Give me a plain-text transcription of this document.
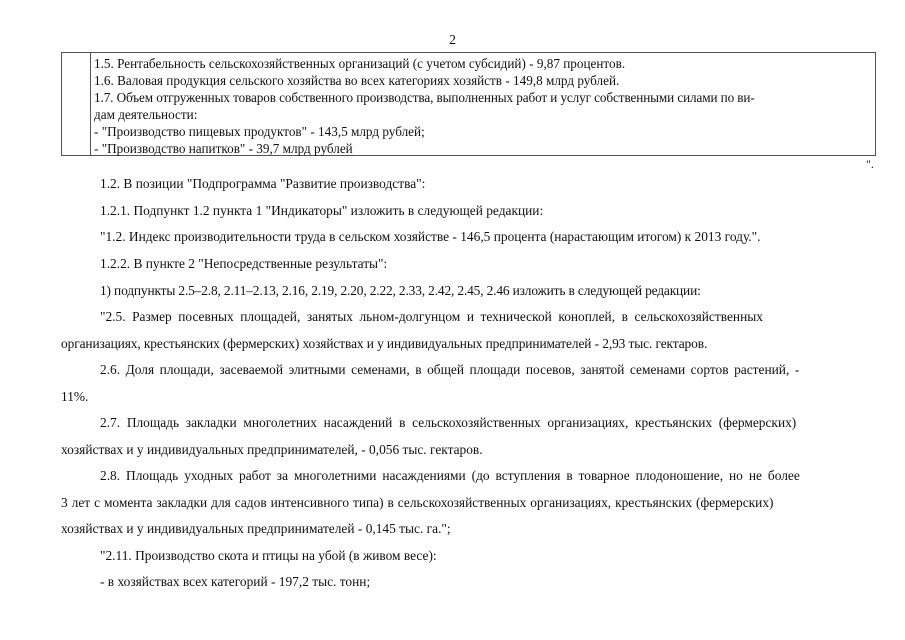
2
1.5. Рентабельность сельскохозяйственных организаций (с учетом субсидий) - 9,87 процентов.
1.6. Валовая продукция сельского хозяйства во всех категориях хозяйств - 149,8 млрд рублей.
1.7. Объем отгруженных товаров собственного производства, выполненных работ и услуг собственными силами по ви-
дам деятельности:
- "Производство пищевых продуктов" - 143,5 млрд рублей;
- "Производство напитков" - 39,7 млрд рублей
".
1.2. В позиции "Подпрограмма "Развитие производства":
1.2.1. Подпункт 1.2 пункта 1 "Индикаторы" изложить в следующей редакции:
"1.2. Индекс производительности труда в сельском хозяйстве - 146,5 процента (нарастающим итогом) к 2013 году.".
1.2.2. В пункте 2 "Непосредственные результаты":
1) подпункты 2.5–2.8, 2.11–2.13, 2.16, 2.19, 2.20, 2.22, 2.33, 2.42, 2.45, 2.46 изложить в следующей редакции:
"2.5. Размер посевных площадей, занятых льном-долгунцом и технической коноплей, в сельскохозяйственных
организациях, крестьянских (фермерских) хозяйствах и у индивидуальных предпринимателей - 2,93 тыс. гектаров.
2.6. Доля площади, засеваемой элитными семенами, в общей площади посевов, занятой семенами сортов растений, -
11%.
2.7. Площадь закладки многолетних насаждений в сельскохозяйственных организациях, крестьянских (фермерских)
хозяйствах и у индивидуальных предпринимателей, - 0,056 тыс. гектаров.
2.8. Площадь уходных работ за многолетними насаждениями (до вступления в товарное плодоношение, но не более
3 лет с момента закладки для садов интенсивного типа) в сельскохозяйственных организациях, крестьянских (фермерских)
хозяйствах и у индивидуальных предпринимателей - 0,145 тыс. га.";
"2.11. Производство скота и птицы на убой (в живом весе):
- в хозяйствах всех категорий - 197,2 тыс. тонн;
